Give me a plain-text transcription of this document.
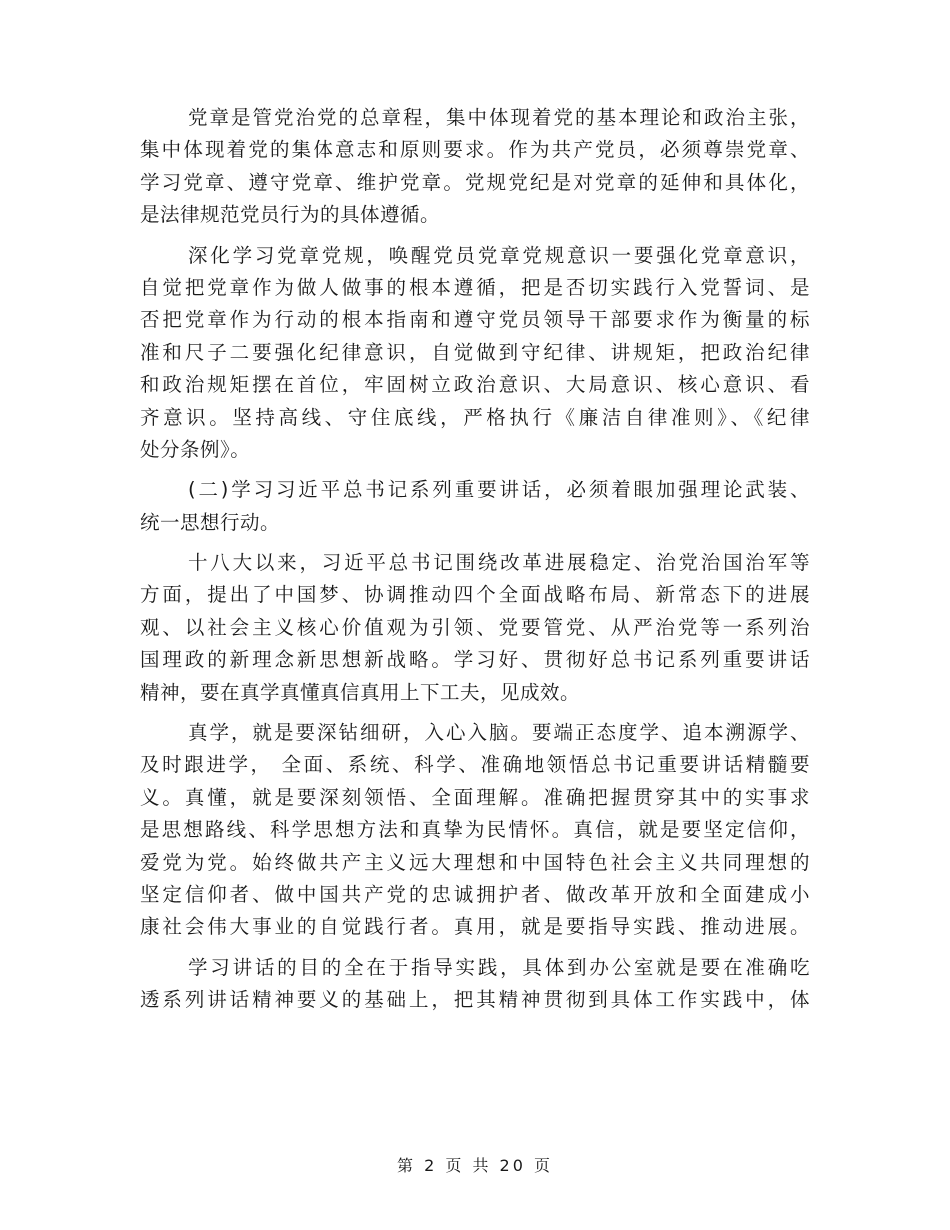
党章是管党治党的总章程，集中体现着党的基本理论和政治主张，
集中体现着党的集体意志和原则要求。作为共产党员，必须尊崇党章、
学习党章、遵守党章、维护党章。党规党纪是对党章的延伸和具体化，
是法律规范党员行为的具体遵循。
深化学习党章党规，唤醒党员党章党规意识一要强化党章意识，
自觉把党章作为做人做事的根本遵循，把是否切实践行入党誓词、是
否把党章作为行动的根本指南和遵守党员领导干部要求作为衡量的标
准和尺子二要强化纪律意识，自觉做到守纪律、讲规矩，把政治纪律
和政治规矩摆在首位，牢固树立政治意识、大局意识、核心意识、看
齐意识。坚持高线、守住底线，严格执行《廉洁自律准则》、《纪律
处分条例》。
(二)学习习近平总书记系列重要讲话，必须着眼加强理论武装、
统一思想行动。
十八大以来，习近平总书记围绕改革进展稳定、治党治国治军等
方面，提出了中国梦、协调推动四个全面战略布局、新常态下的进展
观、以社会主义核心价值观为引领、党要管党、从严治党等一系列治
国理政的新理念新思想新战略。学习好、贯彻好总书记系列重要讲话
精神，要在真学真懂真信真用上下工夫，见成效。
真学，就是要深钻细研，入心入脑。要端正态度学、追本溯源学、
及时跟进学， 全面、系统、科学、准确地领悟总书记重要讲话精髓要
义。真懂，就是要深刻领悟、全面理解。准确把握贯穿其中的实事求
是思想路线、科学思想方法和真挚为民情怀。真信，就是要坚定信仰，
爱党为党。始终做共产主义远大理想和中国特色社会主义共同理想的
坚定信仰者、做中国共产党的忠诚拥护者、做改革开放和全面建成小
康社会伟大事业的自觉践行者。真用，就是要指导实践、推动进展。
学习讲话的目的全在于指导实践，具体到办公室就是要在准确吃
透系列讲话精神要义的基础上，把其精神贯彻到具体工作实践中，体
第 2 页 共 20 页
